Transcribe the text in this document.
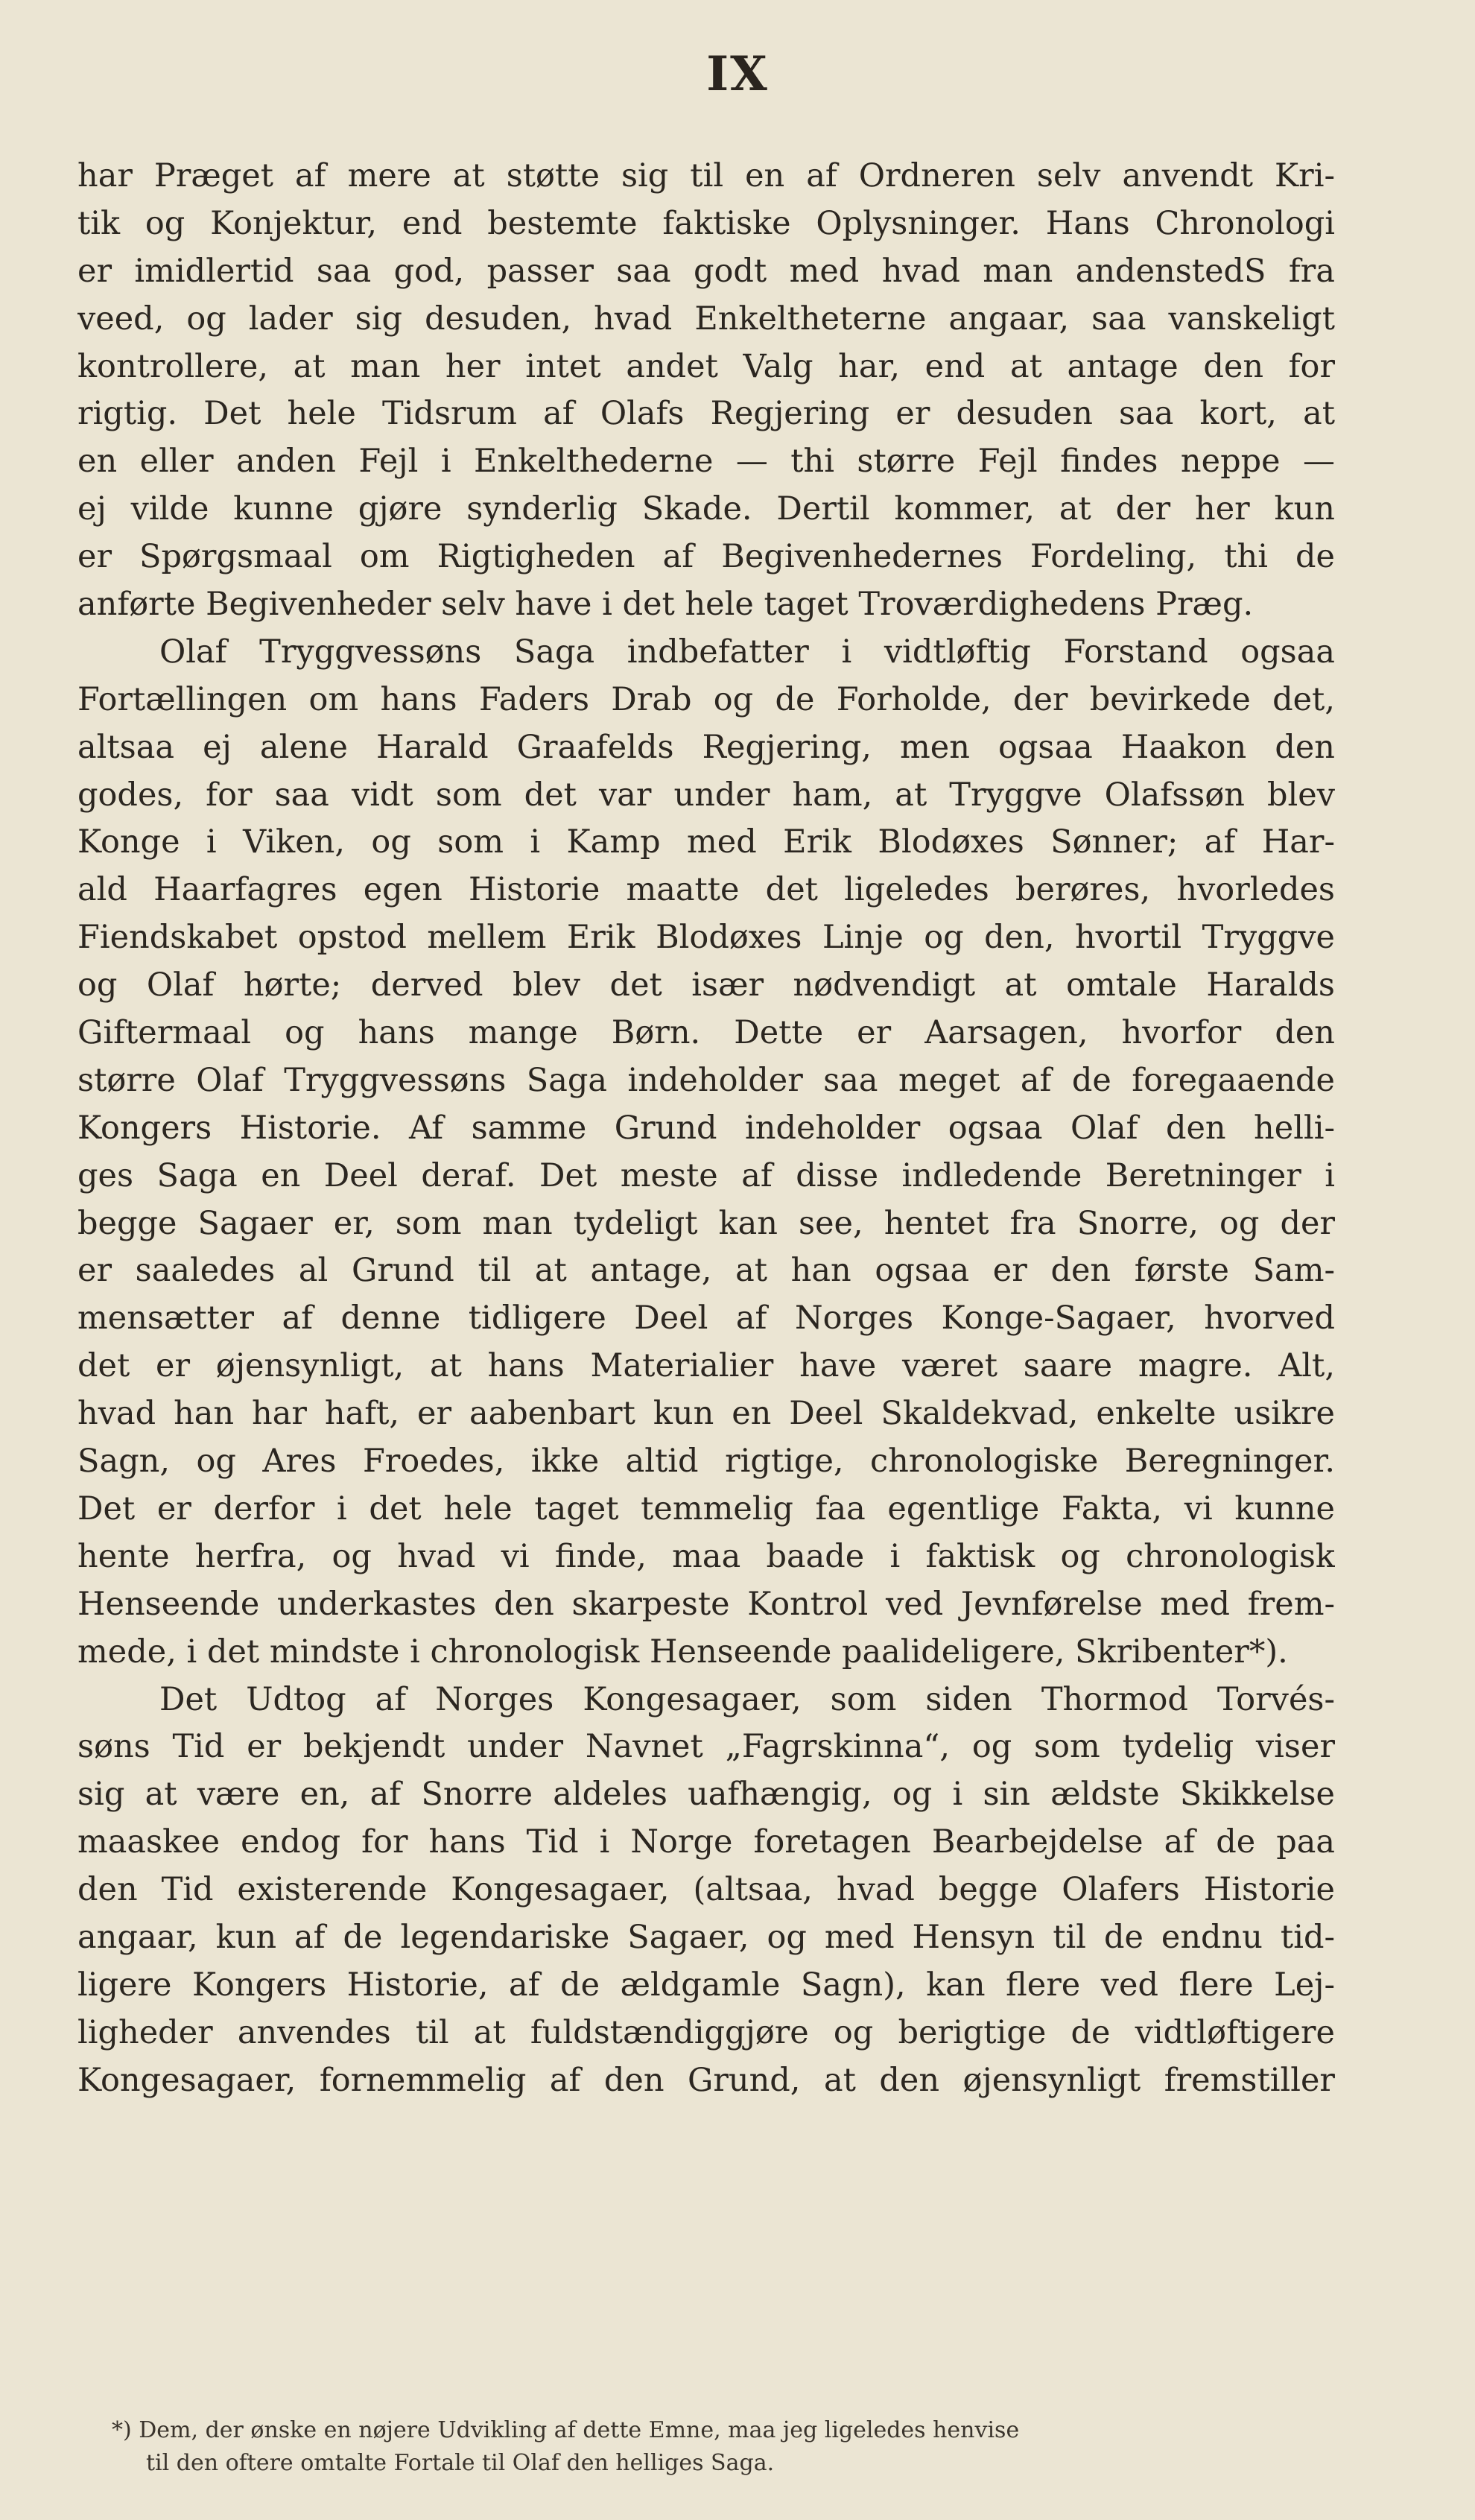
IX
har Præget af mere at støtte sig til en af Ordneren selv anvendt Kri-
tik og Konjektur, end bestemte faktiske Oplysninger. Hans Chronologi
er imidlertid saa god, passer saa godt med hvad man andenstedS fra
veed, og lader sig desuden, hvad Enkeltheterne angaar, saa vanskeligt
kontrollere, at man her intet andet Valg har, end at antage den for
rigtig. Det hele Tidsrum af Olafs Regjering er desuden saa kort, at
en eller anden Fejl i Enkelthederne — thi større Fejl findes neppe —
ej vilde kunne gjøre synderlig Skade. Dertil kommer, at der her kun
er Spørgsmaal om Rigtigheden af Begivenhedernes Fordeling, thi de
anførte Begivenheder selv have i det hele taget Troværdighedens Præg.
Olaf Tryggvessøns Saga indbefatter i vidtløftig Forstand ogsaa
Fortællingen om hans Faders Drab og de Forholde, der bevirkede det,
altsaa ej alene Harald Graafelds Regjering, men ogsaa Haakon den
godes, for saa vidt som det var under ham, at Tryggve Olafssøn blev
Konge i Viken, og som i Kamp med Erik Blodøxes Sønner; af Har-
ald Haarfagres egen Historie maatte det ligeledes berøres, hvorledes
Fiendskabet opstod mellem Erik Blodøxes Linje og den, hvortil Tryggve
og Olaf hørte; derved blev det især nødvendigt at omtale Haralds
Giftermaal og hans mange Børn. Dette er Aarsagen, hvorfor den
større Olaf Tryggvessøns Saga indeholder saa meget af de foregaaende
Kongers Historie. Af samme Grund indeholder ogsaa Olaf den helli-
ges Saga en Deel deraf. Det meste af disse indledende Beretninger i
begge Sagaer er, som man tydeligt kan see, hentet fra Snorre, og der
er saaledes al Grund til at antage, at han ogsaa er den første Sam-
mensætter af denne tidligere Deel af Norges Konge-Sagaer, hvorved
det er øjensynligt, at hans Materialier have været saare magre. Alt,
hvad han har haft, er aabenbart kun en Deel Skaldekvad, enkelte usikre
Sagn, og Ares Froedes, ikke altid rigtige, chronologiske Beregninger.
Det er derfor i det hele taget temmelig faa egentlige Fakta, vi kunne
hente herfra, og hvad vi finde, maa baade i faktisk og chronologisk
Henseende underkastes den skarpeste Kontrol ved Jevnførelse med frem-
mede, i det mindste i chronologisk Henseende paalideligere, Skribenter*).
Det Udtog af Norges Kongesagaer, som siden Thormod Torvés-
søns Tid er bekjendt under Navnet „Fagrskinna“, og som tydelig viser
sig at være en, af Snorre aldeles uafhængig, og i sin ældste Skikkelse
maaskee endog for hans Tid i Norge foretagen Bearbejdelse af de paa
den Tid existerende Kongesagaer, (altsaa, hvad begge Olafers Historie
angaar, kun af de legendariske Sagaer, og med Hensyn til de endnu tid-
ligere Kongers Historie, af de ældgamle Sagn), kan flere ved flere Lej-
ligheder anvendes til at fuldstændiggjøre og berigtige de vidtløftigere
Kongesagaer, fornemmelig af den Grund, at den øjensynligt fremstiller
*) Dem, der ønske en nøjere Udvikling af dette Emne, maa jeg ligeledes henvise
til den oftere omtalte Fortale til Olaf den helliges Saga.
